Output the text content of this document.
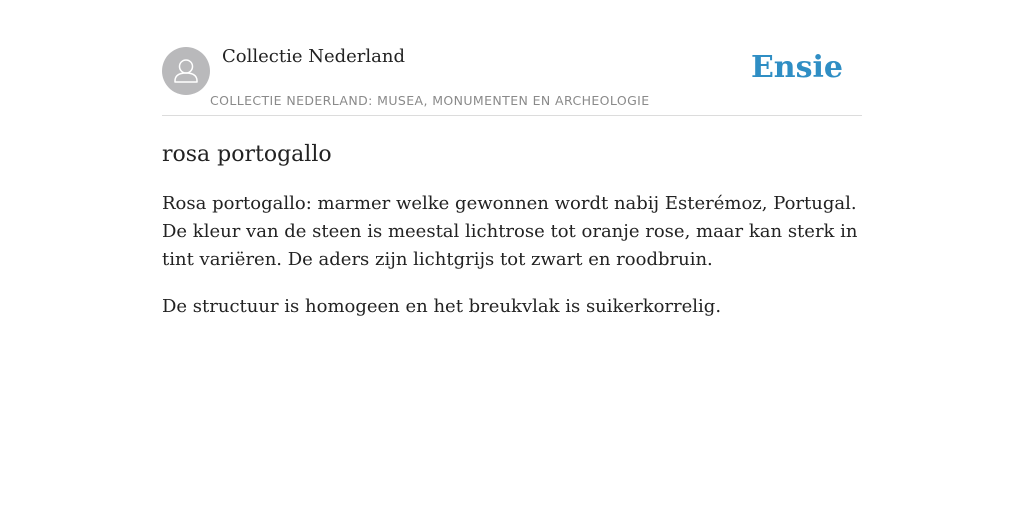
Collectie Nederland
COLLECTIE NEDERLAND: MUSEA, MONUMENTEN EN ARCHEOLOGIE
Ensie
rosa portogallo

Rosa portogallo: marmer welke gewonnen wordt nabij Esterémoz, Portugal. De kleur van de steen is meestal lichtrose tot oranje rose, maar kan sterk in tint variëren. De aders zijn lichtgrijs tot zwart en roodbruin.

De structuur is homogeen en het breukvlak is suikerkorrelig.
